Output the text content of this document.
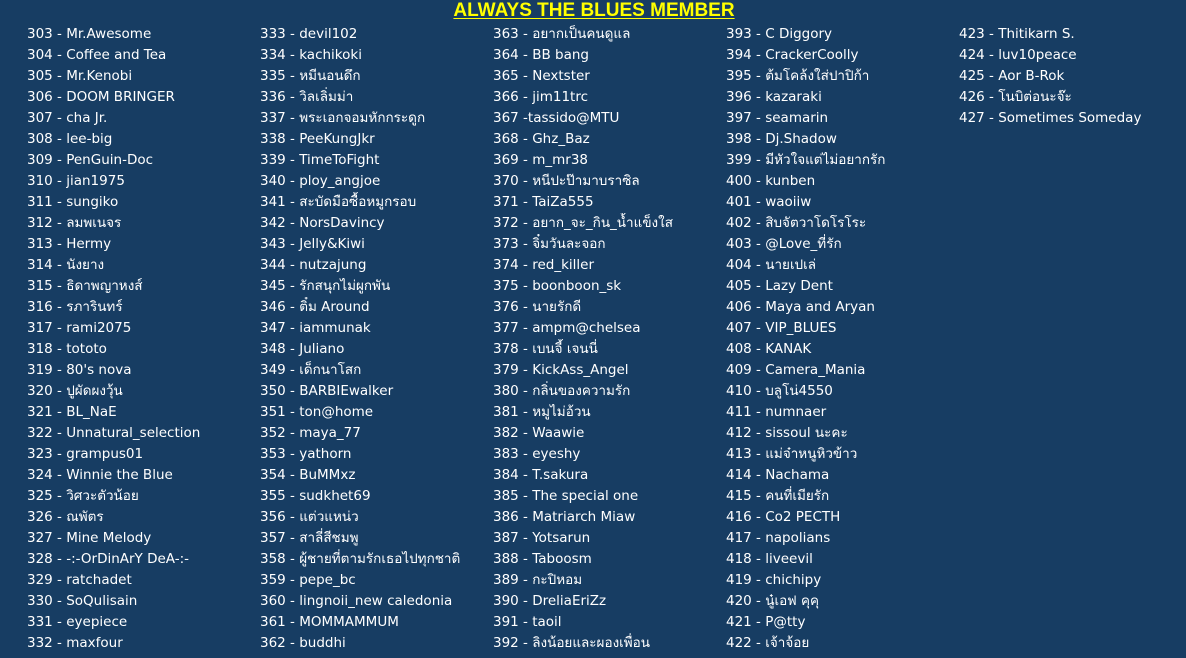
ALWAYS THE BLUES MEMBER
303 - Mr.Awesome
304 - Coffee and Tea
305 - Mr.Kenobi
306 - DOOM BRINGER
307 - cha Jr.
308 - lee-big
309 - PenGuin-Doc
310 - jian1975
311 - sungiko
312 - ลมพเนจร
313 - Hermy
314 - นังยาง
315 - ธิดาพญาหงส์
316 - รภารินทร์
317 - rami2075
318 - tototo
319 - 80's nova
320 - ปูผัดผงวุ้น
321 - BL_NaE
322 - Unnatural_selection
323 - grampus01
324 - Winnie the Blue
325 - วิศวะตัวน้อย
326 - ณพัตร
327 - Mine Melody
328 - -:-OrDinArY DeA-:-
329 - ratchadet
330 - SoQulisain
331 - eyepiece
332 - maxfour
333 - devil102
334 - kachikoki
335 - หมีนอนดึก
336 - วิลเลิ่มม่า
337 - พระเอกจอมหักกระดูก
338 - PeeKungJkr
339 - TimeToFight
340 - ploy_angjoe
341 - สะบัดมือซื้อหมูกรอบ
342 - NorsDavincy
343 - Jelly&Kiwi
344 - nutzajung
345 - รักสนุกไม่ผูกพัน
346 - ติ๋ม Around
347 - iammunak
348 - Juliano
349 - เด็กนาโสก
350 - BARBIEwalker
351 - ton@home
352 - maya_77
353 - yathorn
354 - BuMMxz
355 - sudkhet69
356 - แต่วแหน่ว
357 - สาลี่สีชมพู
358 - ผู้ชายที่ตามรักเธอไปทุกชาติ
359 - pepe_bc
360 - lingnoii_new caledonia
361 - MOMMAMMUM
362 - buddhi
363 - อยากเป็นคนดูแล
364 - BB bang
365 - Nextster
366 - jim11trc
367 -tassido@MTU
368 - Ghz_Baz
369 - m_mr38
370 - หนีปะป๊ามาบราซิล
371 - TaiZa555
372 - อยาก_จะ_กิน_น้ำแข็งใส
373 - จิ๋มวันละจอก
374 - red_killer
375 - boonboon_sk
376 - นายรักดี
377 - ampm@chelsea
378 - เบนจี้ เจนนี่
379 - KickAss_Angel
380 - กลิ่นของความรัก
381 - หมูไม่อ้วน
382 - Waawie
383 - eyeshy
384 - T.sakura
385 - The special one
386 - Matriarch Miaw
387 - Yotsarun
388 - Taboosm
389 - กะปิหอม
390 - DreliaEriZz
391 - taoil
392 - ลิงน้อยและผองเพื่อน
393 - C Diggory
394 - CrackerCoolly
395 - ต้มโคล้งใส่ปาปิก้า
396 - kazaraki
397 - seamarin
398 - Dj.Shadow
399 - มีหัวใจแต่ไม่อยากรัก
400 - kunben
401 - waoiiw
402 - สิบจัตวาโดโรโระ
403 - @Love_ที่รัก
404 - นายเปเล่
405 - Lazy Dent
406 - Maya and Aryan
407 - VIP_BLUES
408 - KANAK
409 - Camera_Mania
410 - บลูโน่4550
411 - numnaer
412 - sissoul นะคะ
413 - แม่จ๋าหนูหิวข้าว
414 - Nachama
415 - คนที่เมียรัก
416 - Co2 PECTH
417 - napolians
418 - liveevil
419 - chichipy
420 - นู๋เอฟ คุคุ
421 - P@tty
422 - เจ้าจ้อย
423 - Thitikarn S.
424 - luv10peace
425 - Aor B-Rok
426 - โนบิต่อนะจ๊ะ
427 - Sometimes Someday
